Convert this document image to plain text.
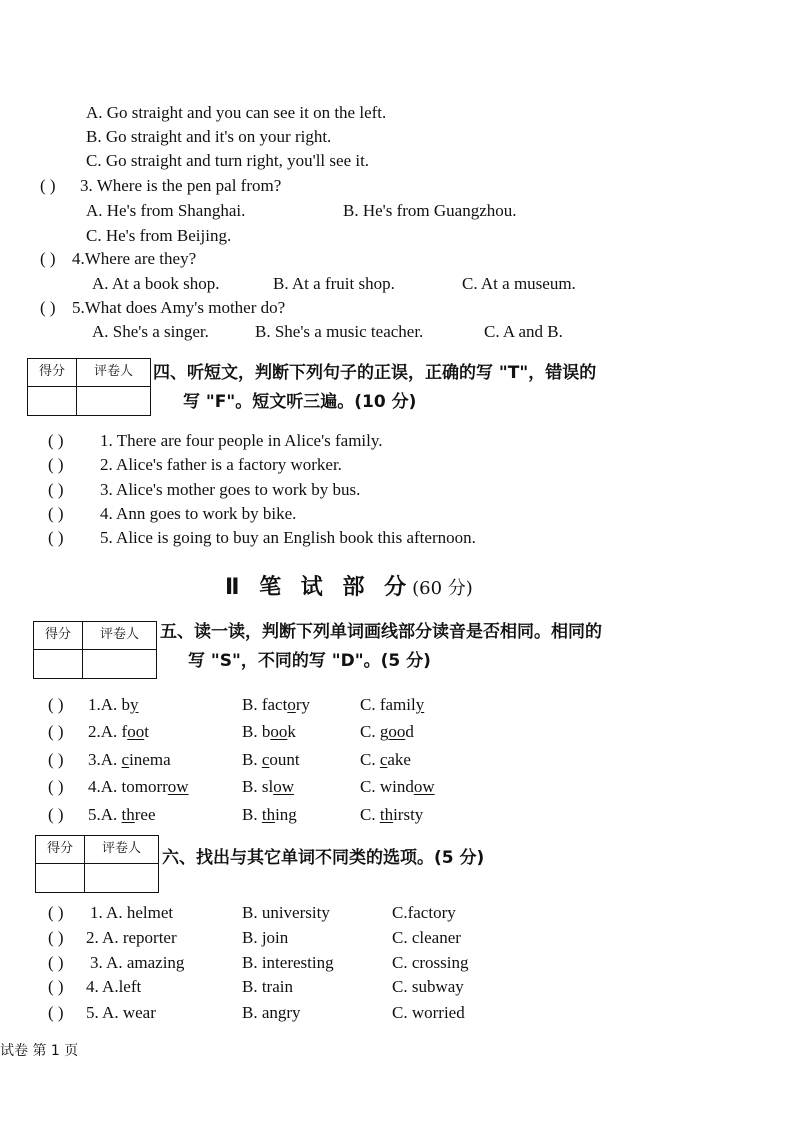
A. Go straight and you can see it on the left.
B. Go straight and it's on your right.
C. Go straight and turn right, you'll see it.
( ) 3. Where is the pen pal from?
A. He's from Shanghai.	B. He's from Guangzhou.
C. He's from Beijing.
( ) 4.Where are they?
A. At a book shop.	B. At a fruit shop.	C. At a museum.
( ) 5.What does Amy's mother do?
A. She's a singer.	B. She's a music teacher.	C. A and B.
得分	评卷人	四、听短文，判断下列句子的正误，正确的写 "T"，错误的
写 "F"。短文听三遍。(10 分)
( ) 1. There are four people in Alice's family.
( ) 2. Alice's father is a factory worker.
( ) 3. Alice's mother goes to work by bus.
( ) 4. Ann goes to work by bike.
( ) 5. Alice is going to buy an English book this afternoon.
Ⅱ 笔 试 部 分(60 分)
得分	评卷人	五、读一读，判断下列单词画线部分读音是否相同。相同的
写 "S"，不同的写 "D"。(5 分)
( ) 1.A. by	B. factory	C. family
( ) 2.A. foot	B. book	C. good
( ) 3.A. cinema	B. count	C. cake
( ) 4.A. tomorrow	B. slow	C. window
( ) 5.A. three	B. thing	C. thirsty
得分	评卷人	六、找出与其它单词不同类的选项。(5 分)
( ) 1. A. helmet	B. university	C.factory
( ) 2. A. reporter	B. join	C. cleaner
( ) 3. A. amazing	B. interesting	C. crossing
( ) 4. A.left	B. train	C. subway
( ) 5. A. wear	B. angry	C. worried
试卷 第 1 页
